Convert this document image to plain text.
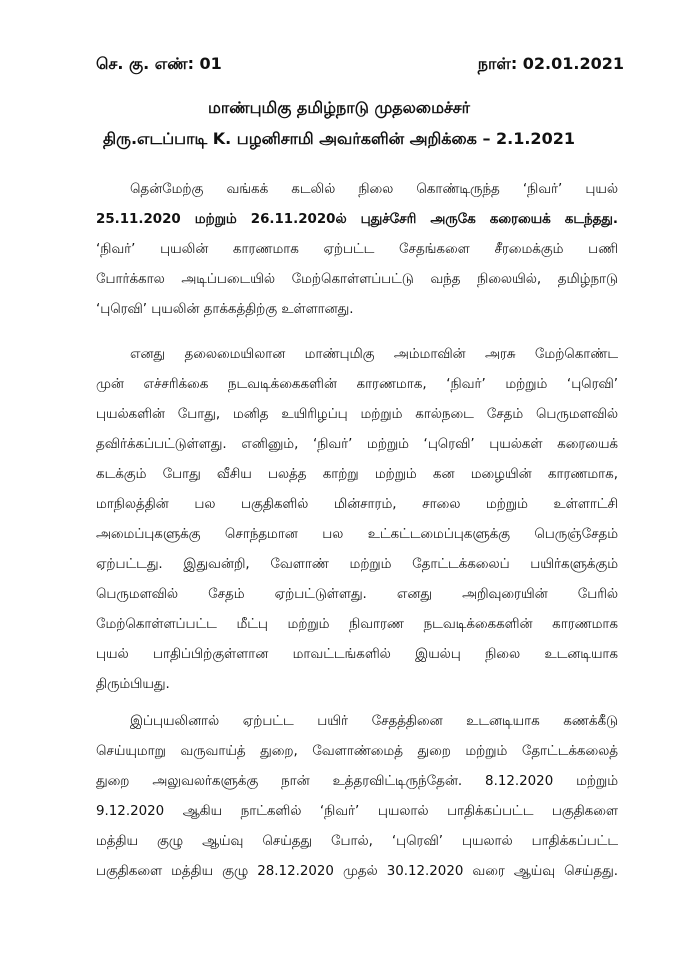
செ. கு. எண்: 01	நாள்: 02.01.2021
மாண்புமிகு தமிழ்நாடு முதலமைச்சர்
திரு.எடப்பாடி K. பழனிசாமி அவர்களின் அறிக்கை – 2.1.2021

தென்மேற்கு வங்கக் கடலில் நிலை கொண்டிருந்த ‘நிவர்’ புயல்
25.11.2020 மற்றும் 26.11.2020ல் புதுச்சேரி அருகே கரையைக் கடந்தது.
‘நிவர்’ புயலின் காரணமாக ஏற்பட்ட சேதங்களை சீரமைக்கும் பணி
போர்க்கால அடிப்படையில் மேற்கொள்ளப்பட்டு வந்த நிலையில், தமிழ்நாடு
‘புரெவி’ புயலின் தாக்கத்திற்கு உள்ளானது.

எனது தலைமையிலான மாண்புமிகு அம்மாவின் அரசு மேற்கொண்ட
முன் எச்சரிக்கை நடவடிக்கைகளின் காரணமாக, ‘நிவர்’ மற்றும் ‘புரெவி’
புயல்களின் போது, மனித உயிரிழப்பு மற்றும் கால்நடை சேதம் பெருமளவில்
தவிர்க்கப்பட்டுள்ளது. எனினும், ‘நிவர்’ மற்றும் ‘புரெவி’ புயல்கள் கரையைக்
கடக்கும் போது வீசிய பலத்த காற்று மற்றும் கன மழையின் காரணமாக,
மாநிலத்தின் பல பகுதிகளில் மின்சாரம், சாலை மற்றும் உள்ளாட்சி
அமைப்புகளுக்கு சொந்தமான பல உட்கட்டமைப்புகளுக்கு பெருஞ்சேதம்
ஏற்பட்டது. இதுவன்றி, வேளாண் மற்றும் தோட்டக்கலைப் பயிர்களுக்கும்
பெருமளவில் சேதம் ஏற்பட்டுள்ளது. எனது அறிவுரையின் பேரில்
மேற்கொள்ளப்பட்ட மீட்பு மற்றும் நிவாரண நடவடிக்கைகளின் காரணமாக
புயல் பாதிப்பிற்குள்ளான மாவட்டங்களில் இயல்பு நிலை உடனடியாக
திரும்பியது.

இப்புயலினால் ஏற்பட்ட பயிர் சேதத்தினை உடனடியாக கணக்கீடு
செய்யுமாறு வருவாய்த் துறை, வேளாண்மைத் துறை மற்றும் தோட்டக்கலைத்
துறை அலுவலர்களுக்கு நான் உத்தரவிட்டிருந்தேன். 8.12.2020 மற்றும்
9.12.2020 ஆகிய நாட்களில் ‘நிவர்’ புயலால் பாதிக்கப்பட்ட பகுதிகளை
மத்திய குழு ஆய்வு செய்தது போல், ‘புரெவி’ புயலால் பாதிக்கப்பட்ட
பகுதிகளை மத்திய குழு 28.12.2020 முதல் 30.12.2020 வரை ஆய்வு செய்தது.
